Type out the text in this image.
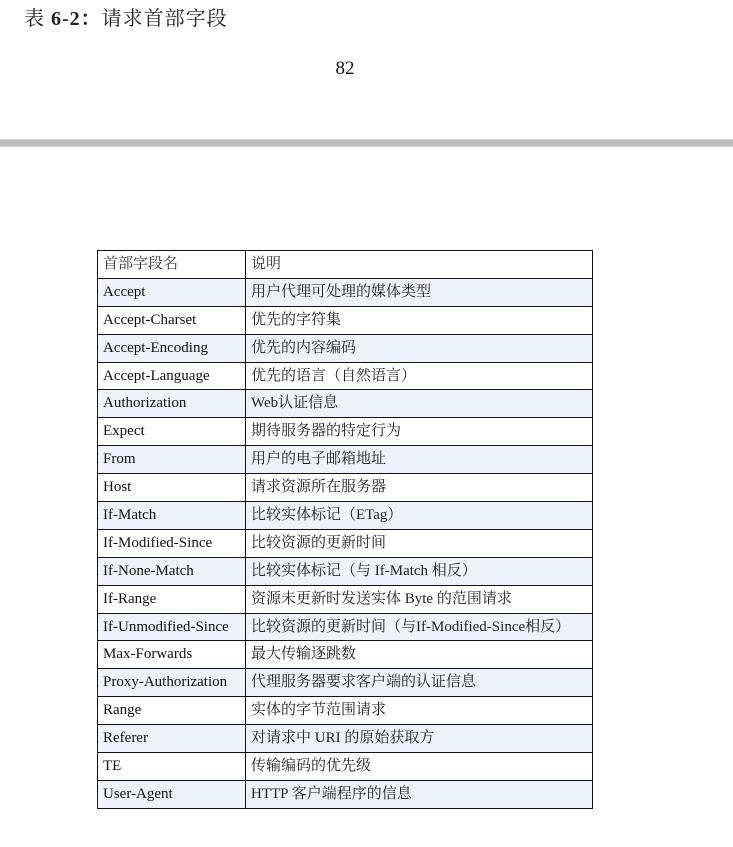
表 6-2：请求首部字段
82
首部字段名	说明
Accept	用户代理可处理的媒体类型
Accept-Charset	优先的字符集
Accept-Encoding	优先的内容编码
Accept-Language	优先的语言（自然语言）
Authorization	Web认证信息
Expect	期待服务器的特定行为
From	用户的电子邮箱地址
Host	请求资源所在服务器
If-Match	比较实体标记（ETag）
If-Modified-Since	比较资源的更新时间
If-None-Match	比较实体标记（与 If-Match 相反）
If-Range	资源未更新时发送实体 Byte 的范围请求
If-Unmodified-Since	比较资源的更新时间（与If-Modified-Since相反）
Max-Forwards	最大传输逐跳数
Proxy-Authorization	代理服务器要求客户端的认证信息
Range	实体的字节范围请求
Referer	对请求中 URI 的原始获取方
TE	传输编码的优先级
User-Agent	HTTP 客户端程序的信息
